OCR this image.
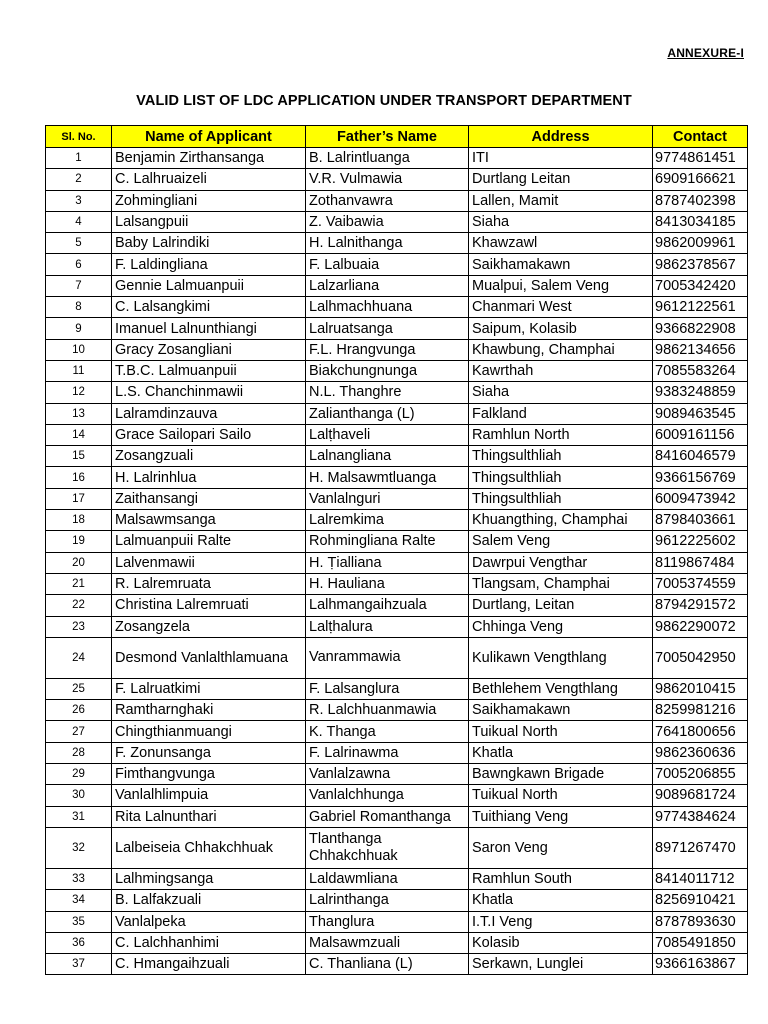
ANNEXURE-I
VALID LIST OF LDC APPLICATION UNDER TRANSPORT DEPARTMENT
Sl. No.	Name of Applicant	Father’s Name	Address	Contact
1	Benjamin Zirthansanga	B. Lalrintluanga	ITI	9774861451
2	C. Lalhruaizeli	V.R. Vulmawia	Durtlang Leitan	6909166621
3	Zohmingliani	Zothanvawra	Lallen, Mamit	8787402398
4	Lalsangpuii	Z. Vaibawia	Siaha	8413034185
5	Baby Lalrindiki	H. Lalnithanga	Khawzawl	9862009961
6	F. Laldingliana	F. Lalbuaia	Saikhamakawn	9862378567
7	Gennie Lalmuanpuii	Lalzarliana	Mualpui, Salem Veng	7005342420
8	C. Lalsangkimi	Lalhmachhuana	Chanmari West	9612122561
9	Imanuel Lalnunthiangi	Lalruatsanga	Saipum, Kolasib	9366822908
10	Gracy Zosangliani	F.L. Hrangvunga	Khawbung, Champhai	9862134656
11	T.B.C. Lalmuanpuii	Biakchungnunga	Kawrthah	7085583264
12	L.S. Chanchinmawii	N.L. Thanghre	Siaha	9383248859
13	Lalramdinzauva	Zalianthanga (L)	Falkland	9089463545
14	Grace Sailopari Sailo	Lalṭhaveli	Ramhlun North	6009161156
15	Zosangzuali	Lalnangliana	Thingsulthliah	8416046579
16	H. Lalrinhlua	H. Malsawmtluanga	Thingsulthliah	9366156769
17	Zaithansangi	Vanlalnguri	Thingsulthliah	6009473942
18	Malsawmsanga	Lalremkima	Khuangthing, Champhai	8798403661
19	Lalmuanpuii Ralte	Rohmingliana Ralte	Salem Veng	9612225602
20	Lalvenmawii	H. Ṭialliana	Dawrpui Vengthar	8119867484
21	R. Lalremruata	H. Hauliana	Tlangsam, Champhai	7005374559
22	Christina Lalremruati	Lalhmangaihzuala	Durtlang, Leitan	8794291572
23	Zosangzela	Lalṭhalura	Chhinga Veng	9862290072
24	Desmond Vanlalthlamuana	Vanrammawia	Kulikawn Vengthlang	7005042950
25	F. Lalruatkimi	F. Lalsanglura	Bethlehem Vengthlang	9862010415
26	Ramtharnghaki	R. Lalchhuanmawia	Saikhamakawn	8259981216
27	Chingthianmuangi	K. Thanga	Tuikual North	7641800656
28	F. Zonunsanga	F. Lalrinawma	Khatla	9862360636
29	Fimthangvunga	Vanlalzawna	Bawngkawn Brigade	7005206855
30	Vanlalhlimpuia	Vanlalchhunga	Tuikual North	9089681724
31	Rita Lalnunthari	Gabriel Romanthanga	Tuithiang Veng	9774384624
32	Lalbeiseia Chhakchhuak	Tlanthanga Chhakchhuak	Saron Veng	8971267470
33	Lalhmingsanga	Laldawmliana	Ramhlun South	8414011712
34	B. Lalfakzuali	Lalrinthanga	Khatla	8256910421
35	Vanlalpeka	Thanglura	I.T.I Veng	8787893630
36	C. Lalchhanhimi	Malsawmzuali	Kolasib	7085491850
37	C. Hmangaihzuali	C. Thanliana (L)	Serkawn, Lunglei	9366163867
